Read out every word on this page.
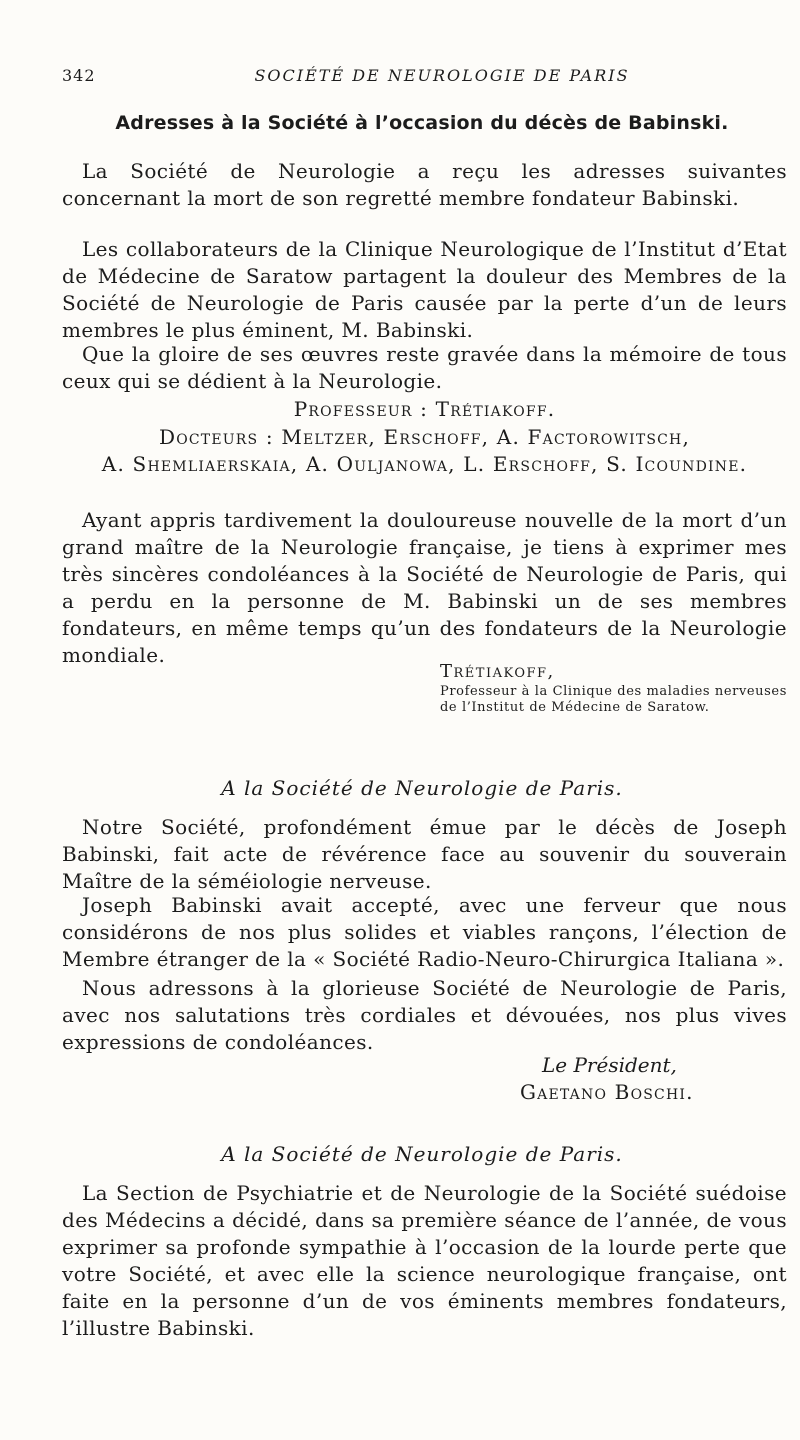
342	SOCIÉTÉ DE NEUROLOGIE DE PARIS
Adresses à la Société à l’occasion du décès de Babinski.

La Société de Neurologie a reçu les adresses suivantes concernant la mort de son regretté membre fondateur Babinski.

Les collaborateurs de la Clinique Neurologique de l’Institut d’Etat de Médecine de Saratow partagent la douleur des Membres de la Société de Neurologie de Paris causée par la perte d’un de leurs membres le plus éminent, M. Babinski.

Que la gloire de ses œuvres reste gravée dans la mémoire de tous ceux qui se dédient à la Neurologie.

Professeur : Trétiakoff.
Docteurs : Meltzer, Erschoff, A. Factorowitsch,
A. Shemliaerskaia, A. Ouljanowa, L. Erschoff, S. Icoundine.

Ayant appris tardivement la douloureuse nouvelle de la mort d’un grand maître de la Neurologie française, je tiens à exprimer mes très sincères condoléances à la Société de Neurologie de Paris, qui a perdu en la personne de M. Babinski un de ses membres fondateurs, en même temps qu’un des fondateurs de la Neurologie mondiale.

Trétiakoff,

Professeur à la Clinique des maladies nerveuses de l’Institut de Médecine de Saratow.

A la Société de Neurologie de Paris.

Notre Société, profondément émue par le décès de Joseph Babinski, fait acte de révérence face au souvenir du souverain Maître de la séméiologie nerveuse.

Joseph Babinski avait accepté, avec une ferveur que nous considérons de nos plus solides et viables rançons, l’élection de Membre étranger de la « Société Radio-Neuro-Chirurgica Italiana ».

Nous adressons à la glorieuse Société de Neurologie de Paris, avec nos salutations très cordiales et dévouées, nos plus vives expressions de condoléances.

Le Président,
Gaetano Boschi.
A la Société de Neurologie de Paris.

La Section de Psychiatrie et de Neurologie de la Société suédoise des Médecins a décidé, dans sa première séance de l’année, de vous exprimer sa profonde sympathie à l’occasion de la lourde perte que votre Société, et avec elle la science neurologique française, ont faite en la personne d’un de vos éminents membres fondateurs, l’illustre Babinski.
